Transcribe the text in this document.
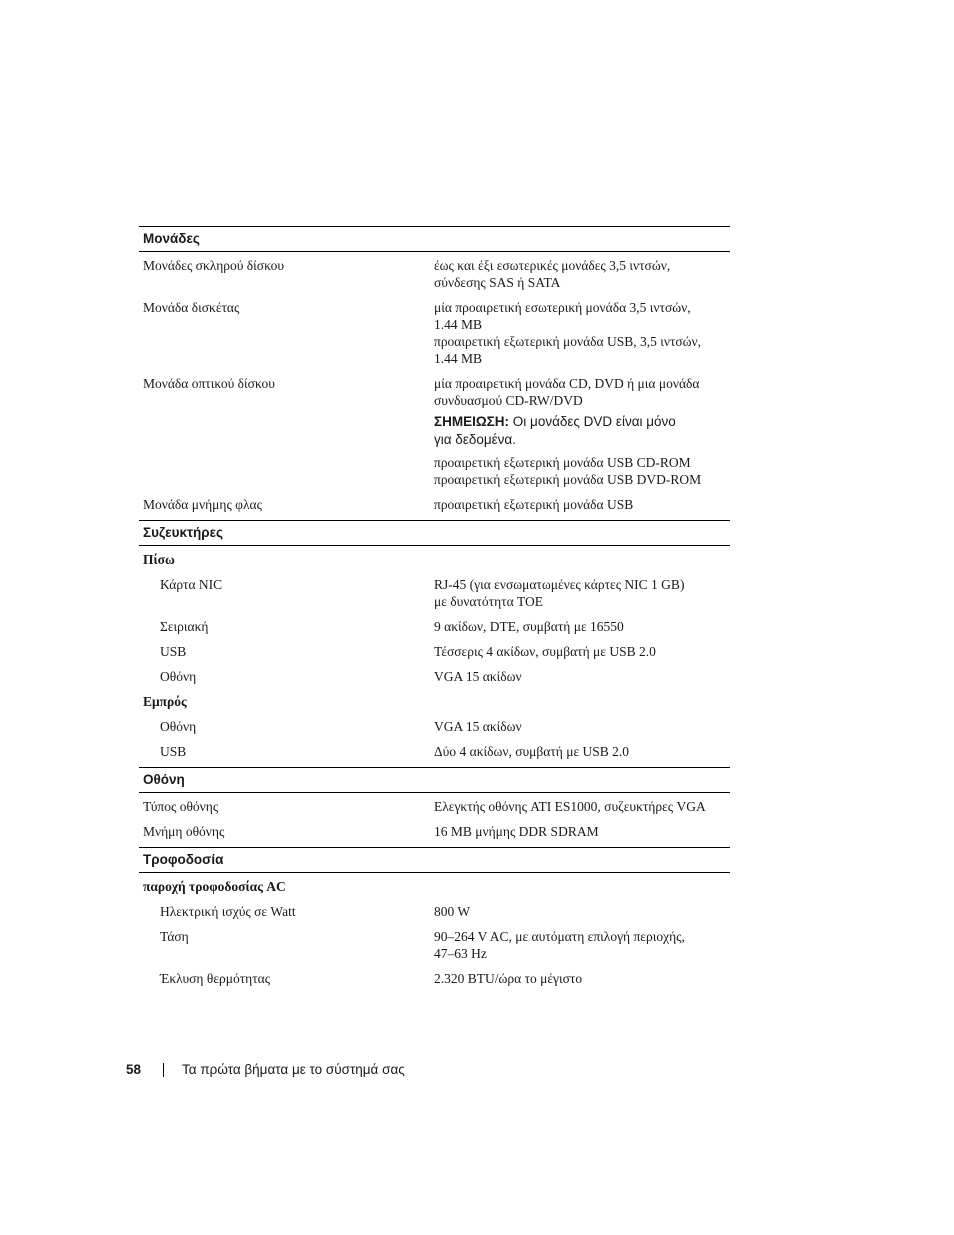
Μονάδες
Μονάδες σκληρού δίσκου	έως και έξι εσωτερικές μονάδες 3,5 ιντσών,
σύνδεσης SAS ή SATA
Μονάδα δισκέτας	μία προαιρετική εσωτερική μονάδα 3,5 ιντσών,
1.44 MB
προαιρετική εξωτερική μονάδα USB, 3,5 ιντσών,
1.44 MB
Μονάδα οπτικού δίσκου	μία προαιρετική μονάδα CD, DVD ή μια μονάδα
συνδυασμού CD-RW/DVD
ΣΗΜΕΙΩΣΗ: Οι μονάδες DVD είναι μόνο
για δεδομένα.
προαιρετική εξωτερική μονάδα USB CD-ROM
προαιρετική εξωτερική μονάδα USB DVD-ROM
Μονάδα μνήμης φλας	προαιρετική εξωτερική μονάδα USB
Συζευκτήρες
Πίσω
Κάρτα NIC	RJ-45 (για ενσωματωμένες κάρτες NIC 1 GB)
με δυνατότητα TOE
Σειριακή	9 ακίδων, DTE, συμβατή με 16550
USB	Τέσσερις 4 ακίδων, συμβατή με USB 2.0
Οθόνη	VGA 15 ακίδων
Εμπρός
Οθόνη	VGA 15 ακίδων
USB	Δύο 4 ακίδων, συμβατή με USB 2.0
Οθόνη
Τύπος οθόνης	Ελεγκτής οθόνης ATI ES1000, συζευκτήρες VGA
Μνήμη οθόνης	16 MB μνήμης DDR SDRAM
Τροφοδοσία
παροχή τροφοδοσίας AC
Ηλεκτρική ισχύς σε Watt	800 W
Τάση	90–264 V AC, με αυτόματη επιλογή περιοχής,
47–63 Hz
Έκλυση θερμότητας	2.320 BTU/ώρα το μέγιστο
58	Τα πρώτα βήματα με το σύστημά σας
